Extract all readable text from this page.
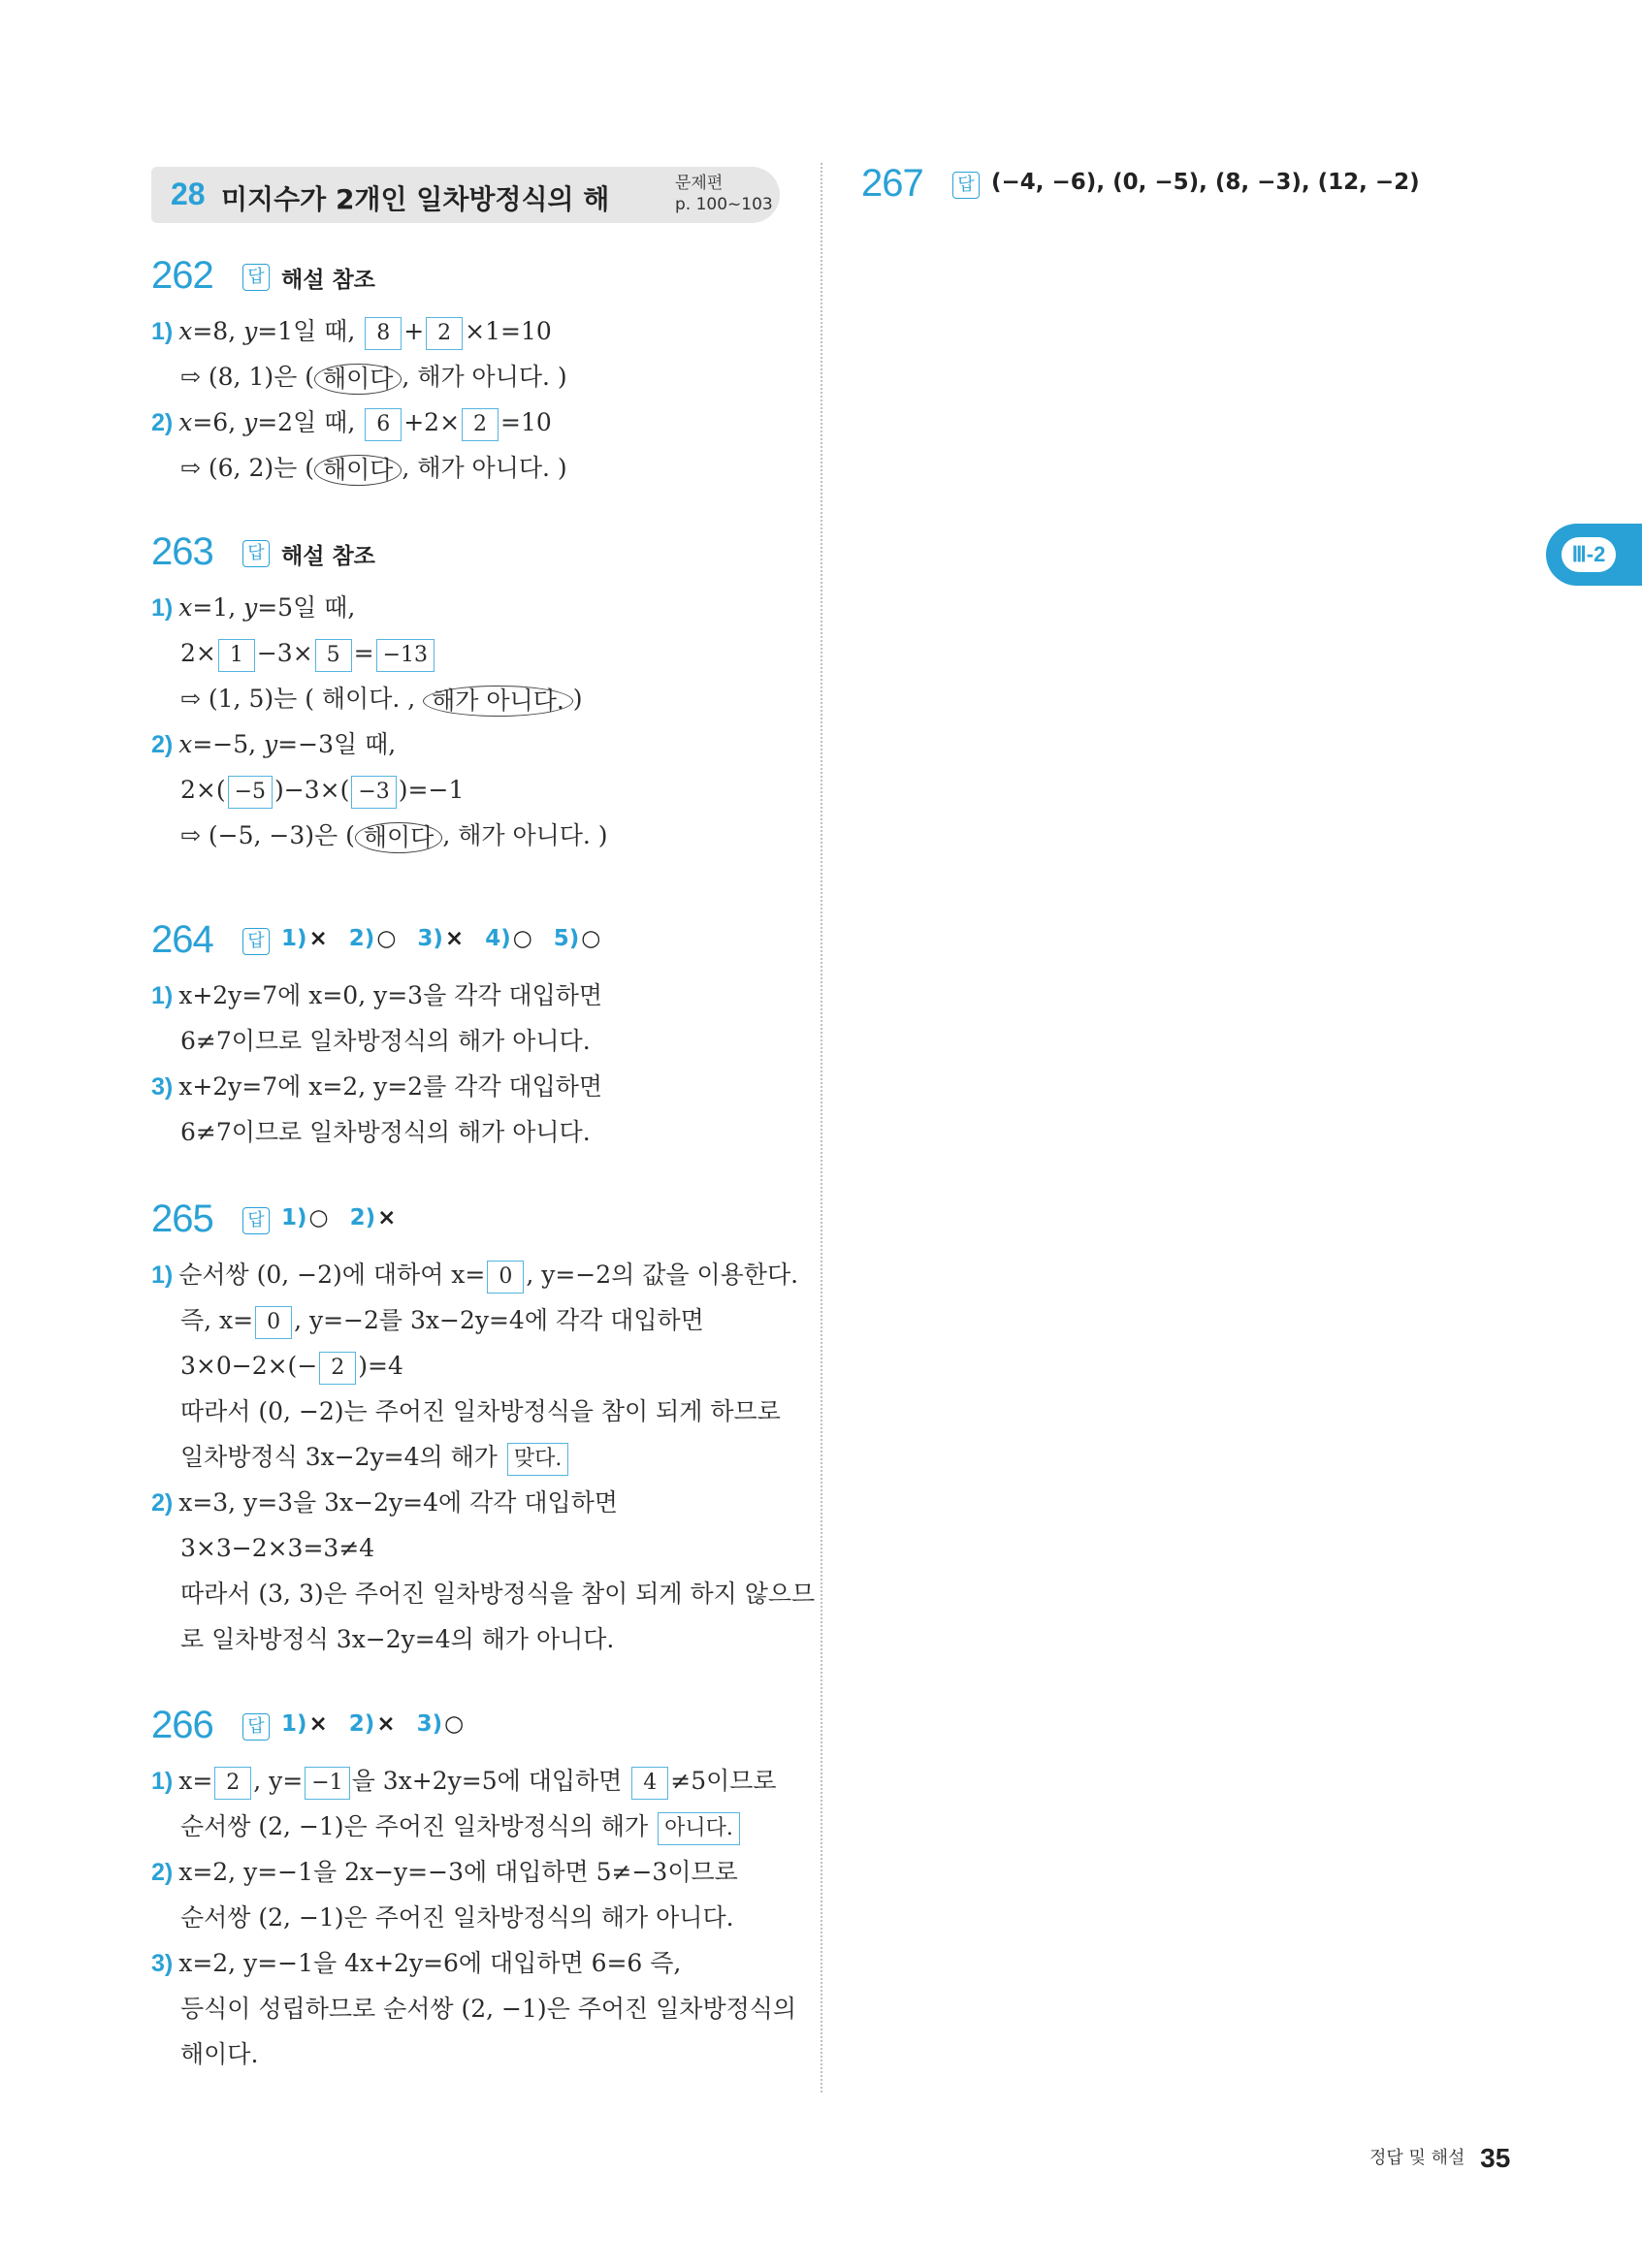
28 미지수가 2개인 일차방정식의 해	문제편
p. 100~103
262 답 해설 참조
1) x=8, y=1일 때, 8 + 2 ×1=10
⇨ (8, 1)은 ( 해이다 , 해가 아니다. )
2) x=6, y=2일 때, 6 +2× 2 =10
⇨ (6, 2)는 ( 해이다 , 해가 아니다. )
263 답 해설 참조
1) x=1, y=5일 때,
2× 1 −3× 5 = −13
⇨ (1, 5)는 ( 해이다. , 해가 아니다. )
2) x=−5, y=−3일 때,
2×( −5 )−3×( −3 )=−1
⇨ (−5, −3)은 ( 해이다 , 해가 아니다. )
264 답 1)× 2)○ 3)× 4)○ 5)○
1) x+2y=7에 x=0, y=3을 각각 대입하면
6≠7이므로 일차방정식의 해가 아니다.
3) x+2y=7에 x=2, y=2를 각각 대입하면
6≠7이므로 일차방정식의 해가 아니다.
265 답 1)○ 2)×
1) 순서쌍 (0, −2)에 대하여 x= 0 , y=−2의 값을 이용한다.
즉, x= 0 , y=−2를 3x−2y=4에 각각 대입하면
3×0−2×(− 2 )=4
따라서 (0, −2)는 주어진 일차방정식을 참이 되게 하므로
일차방정식 3x−2y=4의 해가 맞다.
2) x=3, y=3을 3x−2y=4에 각각 대입하면
3×3−2×3=3≠4
따라서 (3, 3)은 주어진 일차방정식을 참이 되게 하지 않으므
로 일차방정식 3x−2y=4의 해가 아니다.
266 답 1)× 2)× 3)○
1) x= 2 , y= −1 을 3x+2y=5에 대입하면 4 ≠5이므로
순서쌍 (2, −1)은 주어진 일차방정식의 해가 아니다.
2) x=2, y=−1을 2x−y=−3에 대입하면 5≠−3이므로
순서쌍 (2, −1)은 주어진 일차방정식의 해가 아니다.
3) x=2, y=−1을 4x+2y=6에 대입하면 6=6 즉,
등식이 성립하므로 순서쌍 (2, −1)은 주어진 일차방정식의
해이다.
267 답 (−4, −6), (0, −5), (8, −3), (12, −2)
Ⅲ-2
정답 및 해설 35
